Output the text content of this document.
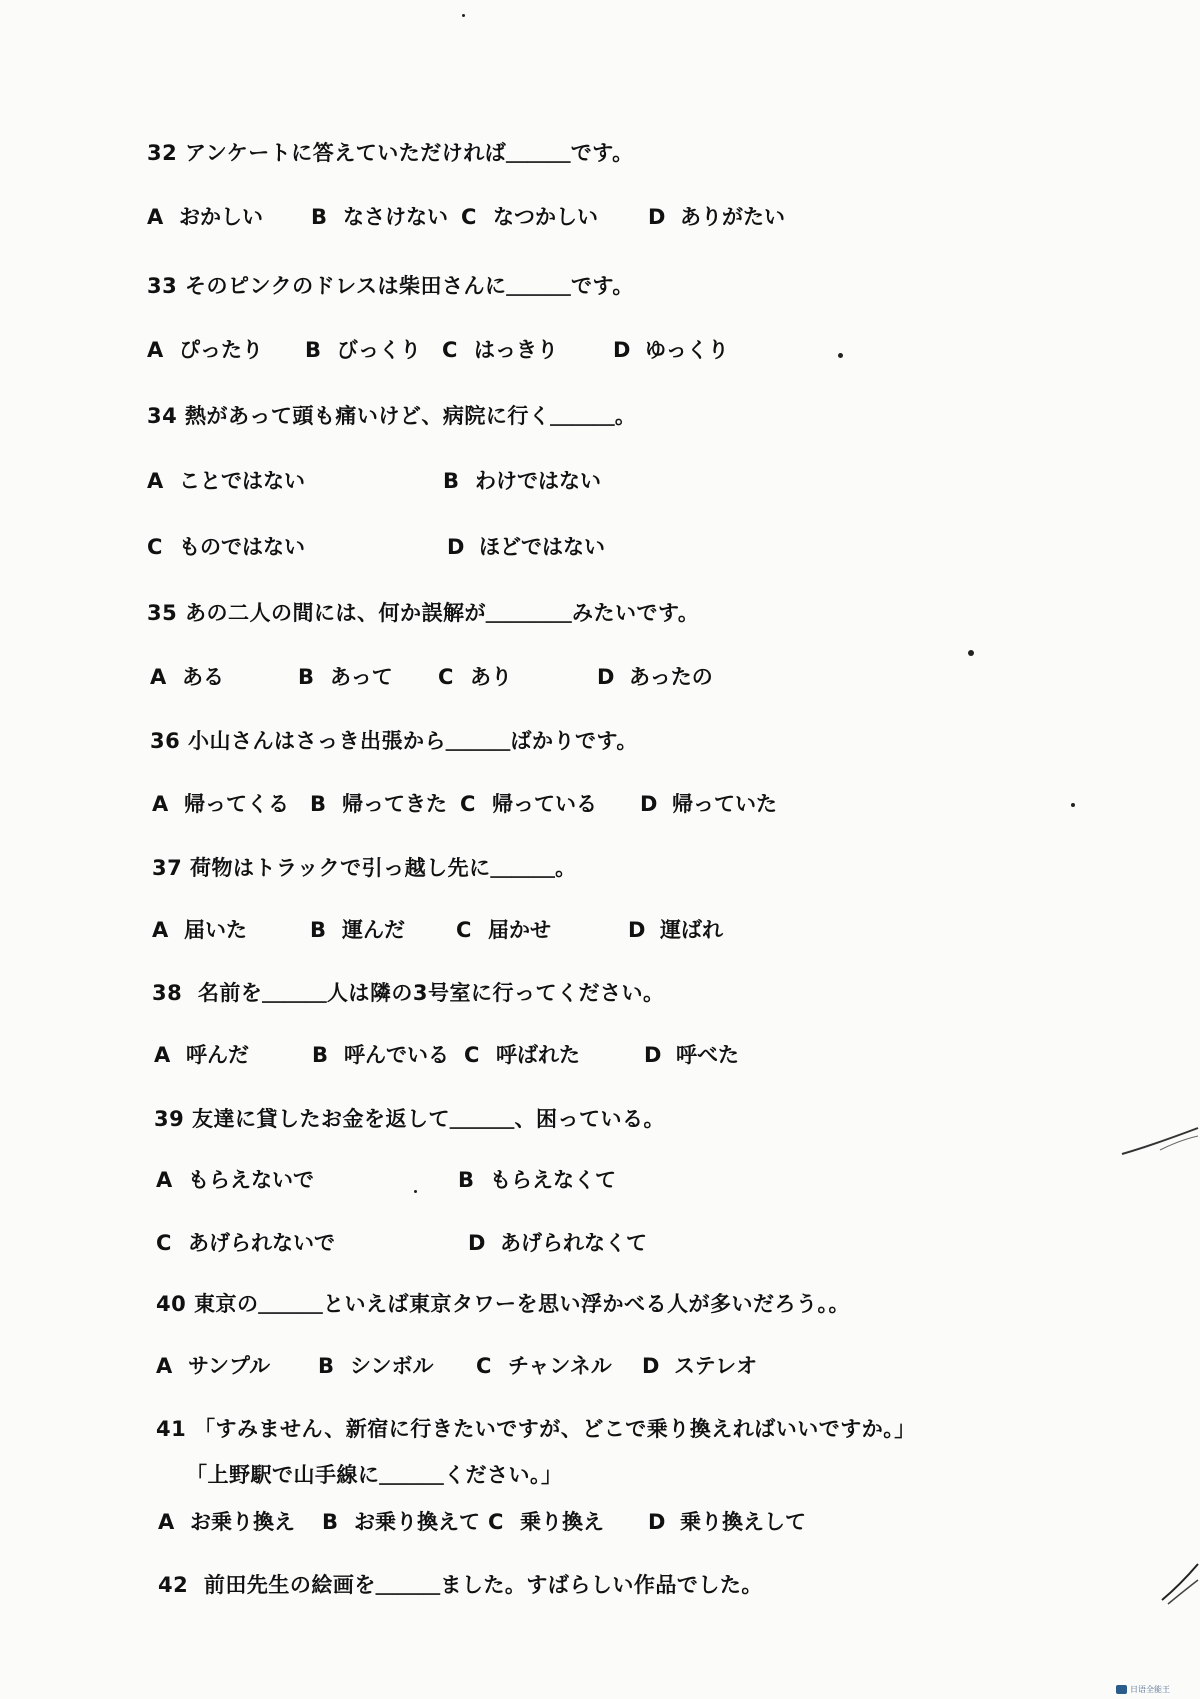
32 アンケートに答えていただければ＿＿＿です。
A おかしい B なさけない C なつかしい D ありがたい
33 そのピンクのドレスは柴田さんに＿＿＿です。
A ぴったり B びっくり C はっきり	D ゆっくり
34 熱があって頭も痛いけど、病院に行く＿＿＿。
A ことではない	B わけではない
C ものではない	D ほどではない
35 あの二人の間には、何か誤解が＿＿＿＿みたいです。
A ある	B あって C あり	D あったの
36 小山さんはさっき出張から＿＿＿ばかりです。
A 帰ってくる B 帰ってきた C 帰っている D 帰っていた
37 荷物はトラックで引っ越し先に＿＿＿。
A 届いた	B 運んだ C 届かせ	D 運ばれ
38 名前を＿＿＿人は隣の3号室に行ってください。
A 呼んだ	B 呼んでいる C 呼ばれた	D 呼べた
39 友達に貸したお金を返して＿＿＿、困っている。
A もらえないで	B もらえなくて
C あげられないで	D あげられなくて
40 東京の＿＿＿といえば東京タワーを思い浮かべる人が多いだろう。。
A サンプル B シンボル C チャンネル D ステレオ
41 「すみません、新宿に行きたいですが、どこで乗り換えればいいですか。」
「上野駅で山手線に＿＿＿ください。」
A お乗り換え B お乗り換えて C 乗り換え D 乗り換えして
42 前田先生の絵画を＿＿＿ました。すばらしい作品でした。
日语全能王
